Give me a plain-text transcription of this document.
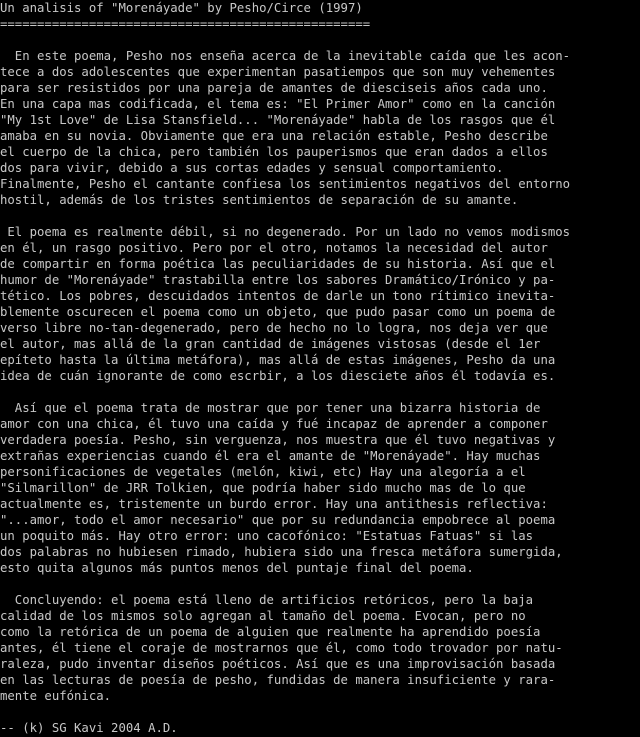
Un analisis of "Morenáyade" by Pesho/Circe (1997)
==================================================
En este poema, Pesho nos enseña acerca de la inevitable caída que les acon-
tece a dos adolescentes que experimentan pasatiempos que son muy vehementes
para ser resistidos por una pareja de amantes de diesciseis años cada uno.
En una capa mas codificada, el tema es: "El Primer Amor" como en la canción
"My 1st Love" de Lisa Stansfield... "Morenáyade" habla de los rasgos que él
amaba en su novia. Obviamente que era una relación estable, Pesho describe
el cuerpo de la chica, pero también los pauperismos que eran dados a ellos
dos para vivir, debido a sus cortas edades y sensual comportamiento.
Finalmente, Pesho el cantante confiesa los sentimientos negativos del entorno
hostil, además de los tristes sentimientos de separación de su amante.
El poema es realmente débil, si no degenerado. Por un lado no vemos modismos
en él, un rasgo positivo. Pero por el otro, notamos la necesidad del autor
de compartir en forma poética las peculiaridades de su historia. Así que el
humor de "Morenáyade" trastabilla entre los sabores Dramático/Irónico y pa-
tético. Los pobres, descuidados intentos de darle un tono rítimico inevita-
blemente oscurecen el poema como un objeto, que pudo pasar como un poema de
verso libre no-tan-degenerado, pero de hecho no lo logra, nos deja ver que
el autor, mas allá de la gran cantidad de imágenes vistosas (desde el 1er
epíteto hasta la última metáfora), mas allá de estas imágenes, Pesho da una
idea de cuán ignorante de como escrbir, a los diesciete años él todavía es.
Así que el poema trata de mostrar que por tener una bizarra historia de
amor con una chica, él tuvo una caída y fué incapaz de aprender a componer
verdadera poesía. Pesho, sin verguenza, nos muestra que él tuvo negativas y
extrañas experiencias cuando él era el amante de "Morenáyade". Hay muchas
personificaciones de vegetales (melón, kiwi, etc) Hay una alegoría a el
"Silmarillon" de JRR Tolkien, que podría haber sido mucho mas de lo que
actualmente es, tristemente un burdo error. Hay una antithesis reflectiva:
"...amor, todo el amor necesario" que por su redundancia empobrece al poema
un poquito más. Hay otro error: uno cacofónico: "Estatuas Fatuas" si las
dos palabras no hubiesen rimado, hubiera sido una fresca metáfora sumergida,
esto quita algunos más puntos menos del puntaje final del poema.
Concluyendo: el poema está lleno de artificios retóricos, pero la baja
calidad de los mismos solo agregan al tamaño del poema. Evocan, pero no
como la retórica de un poema de alguien que realmente ha aprendido poesía
antes, él tiene el coraje de mostrarnos que él, como todo trovador por natu-
raleza, pudo inventar diseños poéticos. Así que es una improvisación basada
en las lecturas de poesía de pesho, fundidas de manera insuficiente y rara-
mente eufónica.
-- (k) SG Kavi 2004 A.D.
